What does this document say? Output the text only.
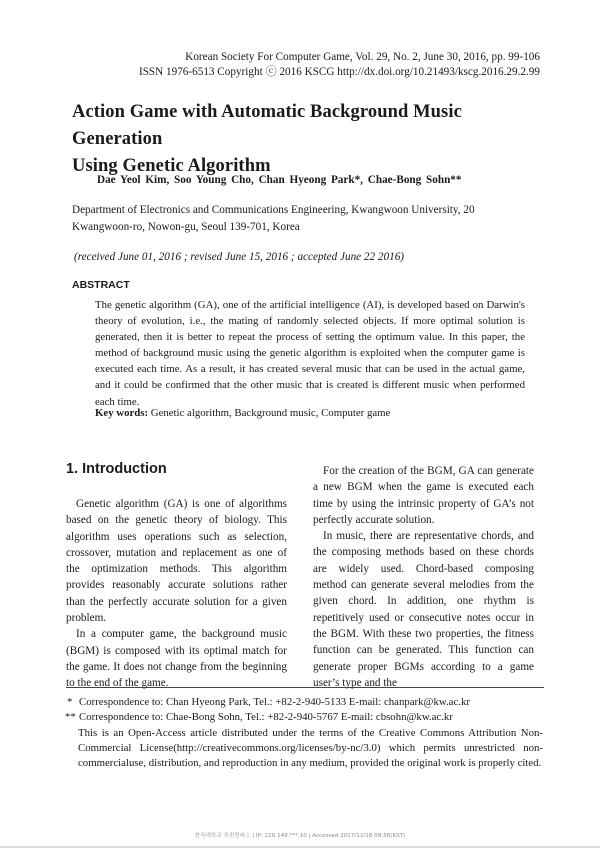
Korean Society For Computer Game, Vol. 29, No. 2, June 30, 2016, pp. 99-106
ISSN 1976-6513 Copyright ⓒ 2016 KSCG http://dx.doi.org/10.21493/kscg.2016.29.2.99
Action Game with Automatic Background Music Generation
Using Genetic Algorithm
Dae Yeol Kim, Soo Young Cho, Chan Hyeong Park*, Chae-Bong Sohn**
Department of Electronics and Communications Engineering, Kwangwoon University, 20 Kwangwoon-ro, Nowon-gu, Seoul 139-701, Korea
(received June 01, 2016 ; revised June 15, 2016 ; accepted June 22 2016)
ABSTRACT
The genetic algorithm (GA), one of the artificial intelligence (AI), is developed based on Darwin's theory of evolution, i.e., the mating of randomly selected objects. If more optimal solution is generated, then it is better to repeat the process of setting the optimum value. In this paper, the method of background music using the genetic algorithm is exploited when the computer game is executed each time. As a result, it has created several music that can be used in the actual game, and it could be confirmed that the other music that is created is different music when performed each time.
Key words: Genetic algorithm, Background music, Computer game
1. Introduction

Genetic algorithm (GA) is one of algorithms based on the genetic theory of biology. This algorithm uses operations such as selection, crossover, mutation and replacement as one of the optimization methods. This algorithm provides reasonably accurate solutions rather than the perfectly accurate solution for a given problem.

In a computer game, the background music (BGM) is composed with its optimal match for the game. It does not change from the beginning to the end of the game.

For the creation of the BGM, GA can generate a new BGM when the game is executed each time by using the intrinsic property of GA’s not perfectly accurate solution.

In music, there are representative chords, and the composing methods based on these chords are widely used. Chord-based composing method can generate several melodies from the given chord. In addition, one rhythm is repetitively used or consecutive notes occur in the BGM. With these two properties, the fitness function can be generated. This function can generate proper BGMs according to a game user’s type and the

* Correspondence to: Chan Hyeong Park, Tel.: +82-2-940-5133 E-mail: chanpark@kw.ac.kr
** Correspondence to: Chae-Bong Sohn, Tel.: +82-2-940-5767 E-mail: cbsohn@kw.ac.kr
This is an Open-Access article distributed under the terms of the Creative Commons Attribution Non-Commercial License(http://creativecommons.org/licenses/by-nc/3.0) which permits unrestricted non-commercialuse, distribution, and reproduction in any medium, provided the original work is properly cited.
한국대학교 추천컴퍼스 | IP: 220.149.***.10 | Accessed 2017/12/18 09:56(KST)
